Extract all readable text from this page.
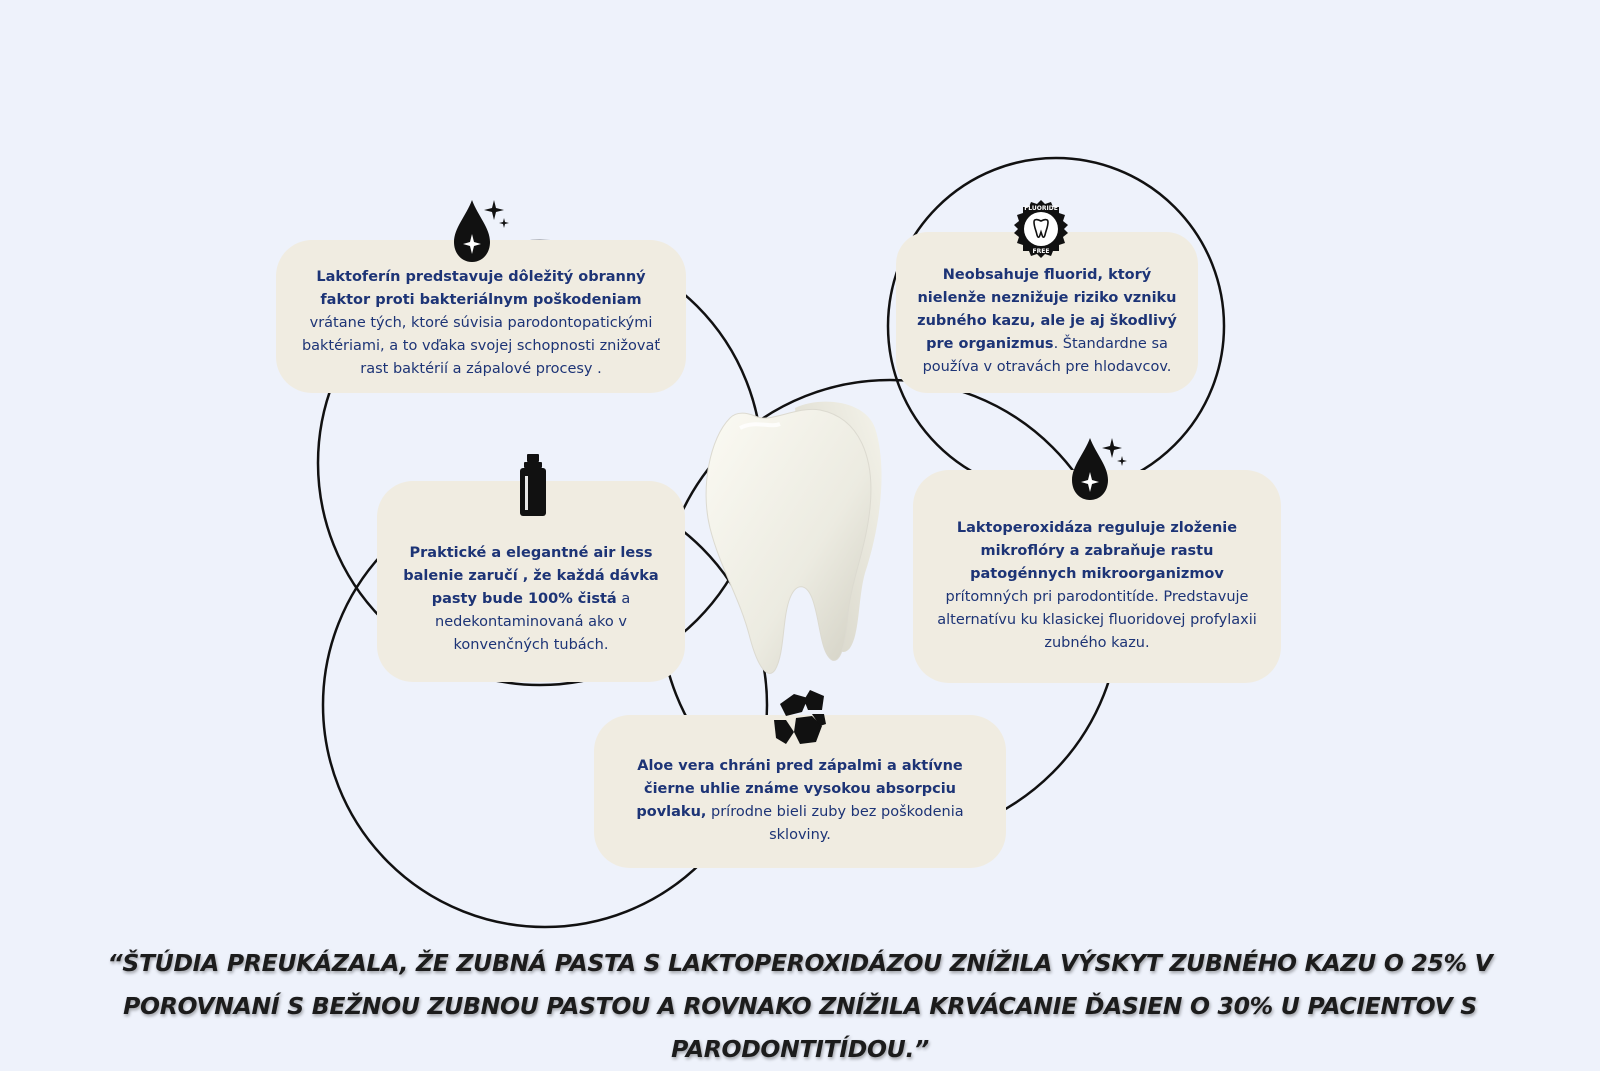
Laktoferín predstavuje dôležitý obranný faktor proti bakteriálnym poškodeniam vrátane tých, ktoré súvisia parodontopatickými baktériami, a to vďaka svojej schopnosti znižovať rast baktérií a zápalové procesy .

Neobsahuje fluorid, ktorý nielenže neznižuje riziko vzniku zubného kazu, ale je aj škodlivý pre organizmus. Štandardne sa používa v otravách pre hlodavcov.

FLUORIDE
FREE

Praktické a elegantné air less balenie zaručí , že každá dávka pasty bude 100% čistá a nedekontaminovaná ako v konvenčných tubách.

Laktoperoxidáza reguluje zloženie mikroflóry a zabraňuje rastu patogénnych mikroorganizmov prítomných pri parodontitíde. Predstavuje alternatívu ku klasickej fluoridovej profylaxii zubného kazu.

Aloe vera chráni pred zápalmi a aktívne čierne uhlie známe vysokou absorpciu povlaku, prírodne bieli zuby bez poškodenia skloviny.

“ŠTÚDIA PREUKÁZALA, ŽE ZUBNÁ PASTA S LAKTOPEROXIDÁZOU ZNÍŽILA VÝSKYT ZUBNÉHO KAZU O 25% V POROVNANÍ S BEŽNOU ZUBNOU PASTOU A ROVNAKO ZNÍŽILA KRVÁCANIE ĎASIEN O 30% U PACIENTOV S PARODONTITÍDOU.”
